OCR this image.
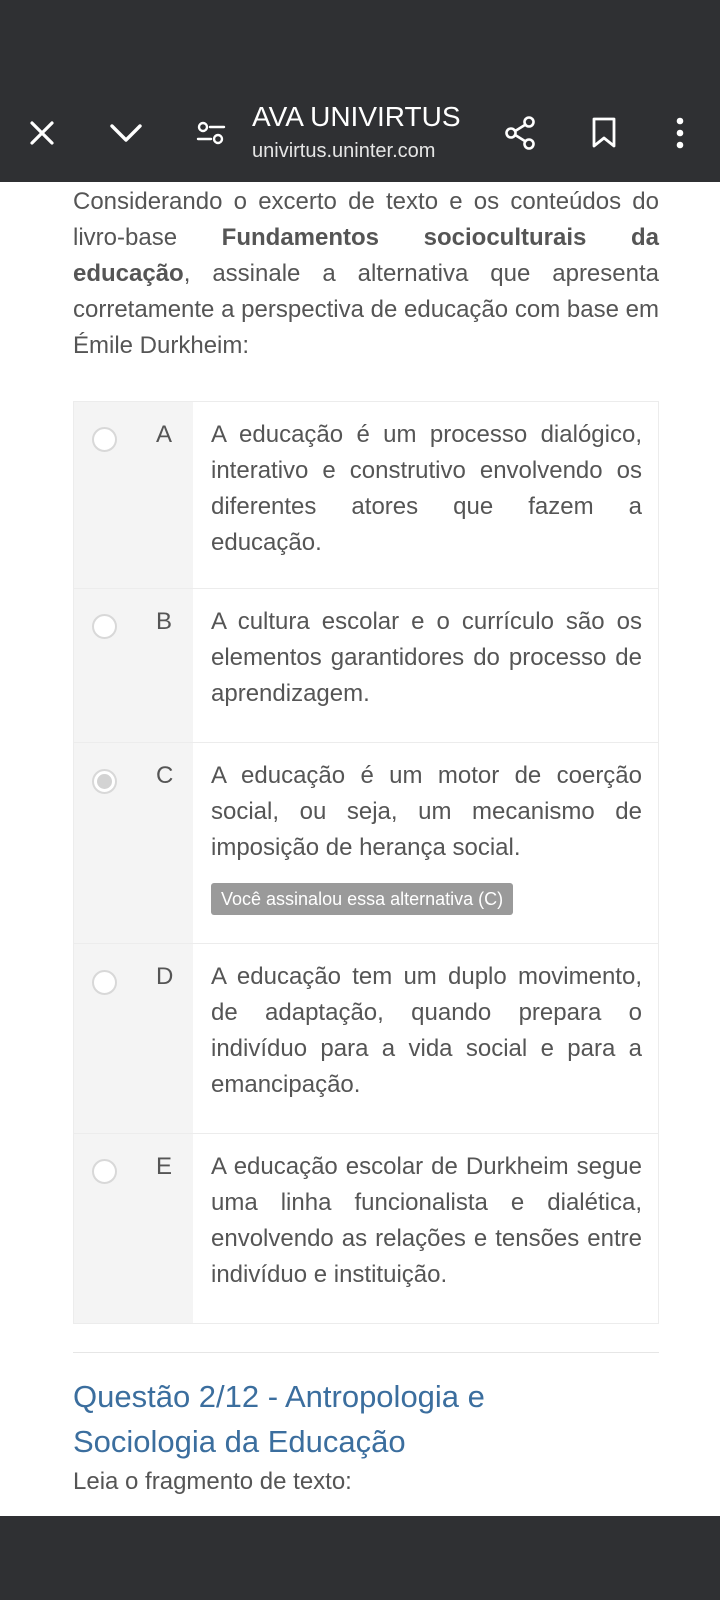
AVA UNIVIRTUS
univirtus.uninter.com

Considerando o excerto de texto e os conteúdos do livro-base Fundamentos socioculturais da educação, assinale a alternativa que apresenta corretamente a perspectiva de educação com base em Émile Durkheim:

A A educação é um processo dialógico, interativo e construtivo envolvendo os diferentes atores que fazem a educação.
B A cultura escolar e o currículo são os elementos garantidores do processo de aprendizagem.
C A educação é um motor de coerção social, ou seja, um mecanismo de imposição de herança social.
Você assinalou essa alternativa (C)
D A educação tem um duplo movimento, de adaptação, quando prepara o indivíduo para a vida social e para a emancipação.
E A educação escolar de Durkheim segue uma linha funcionalista e dialética, envolvendo as relações e tensões entre indivíduo e instituição.
Questão 2/12 - Antropologia e Sociologia da Educação
Leia o fragmento de texto:
